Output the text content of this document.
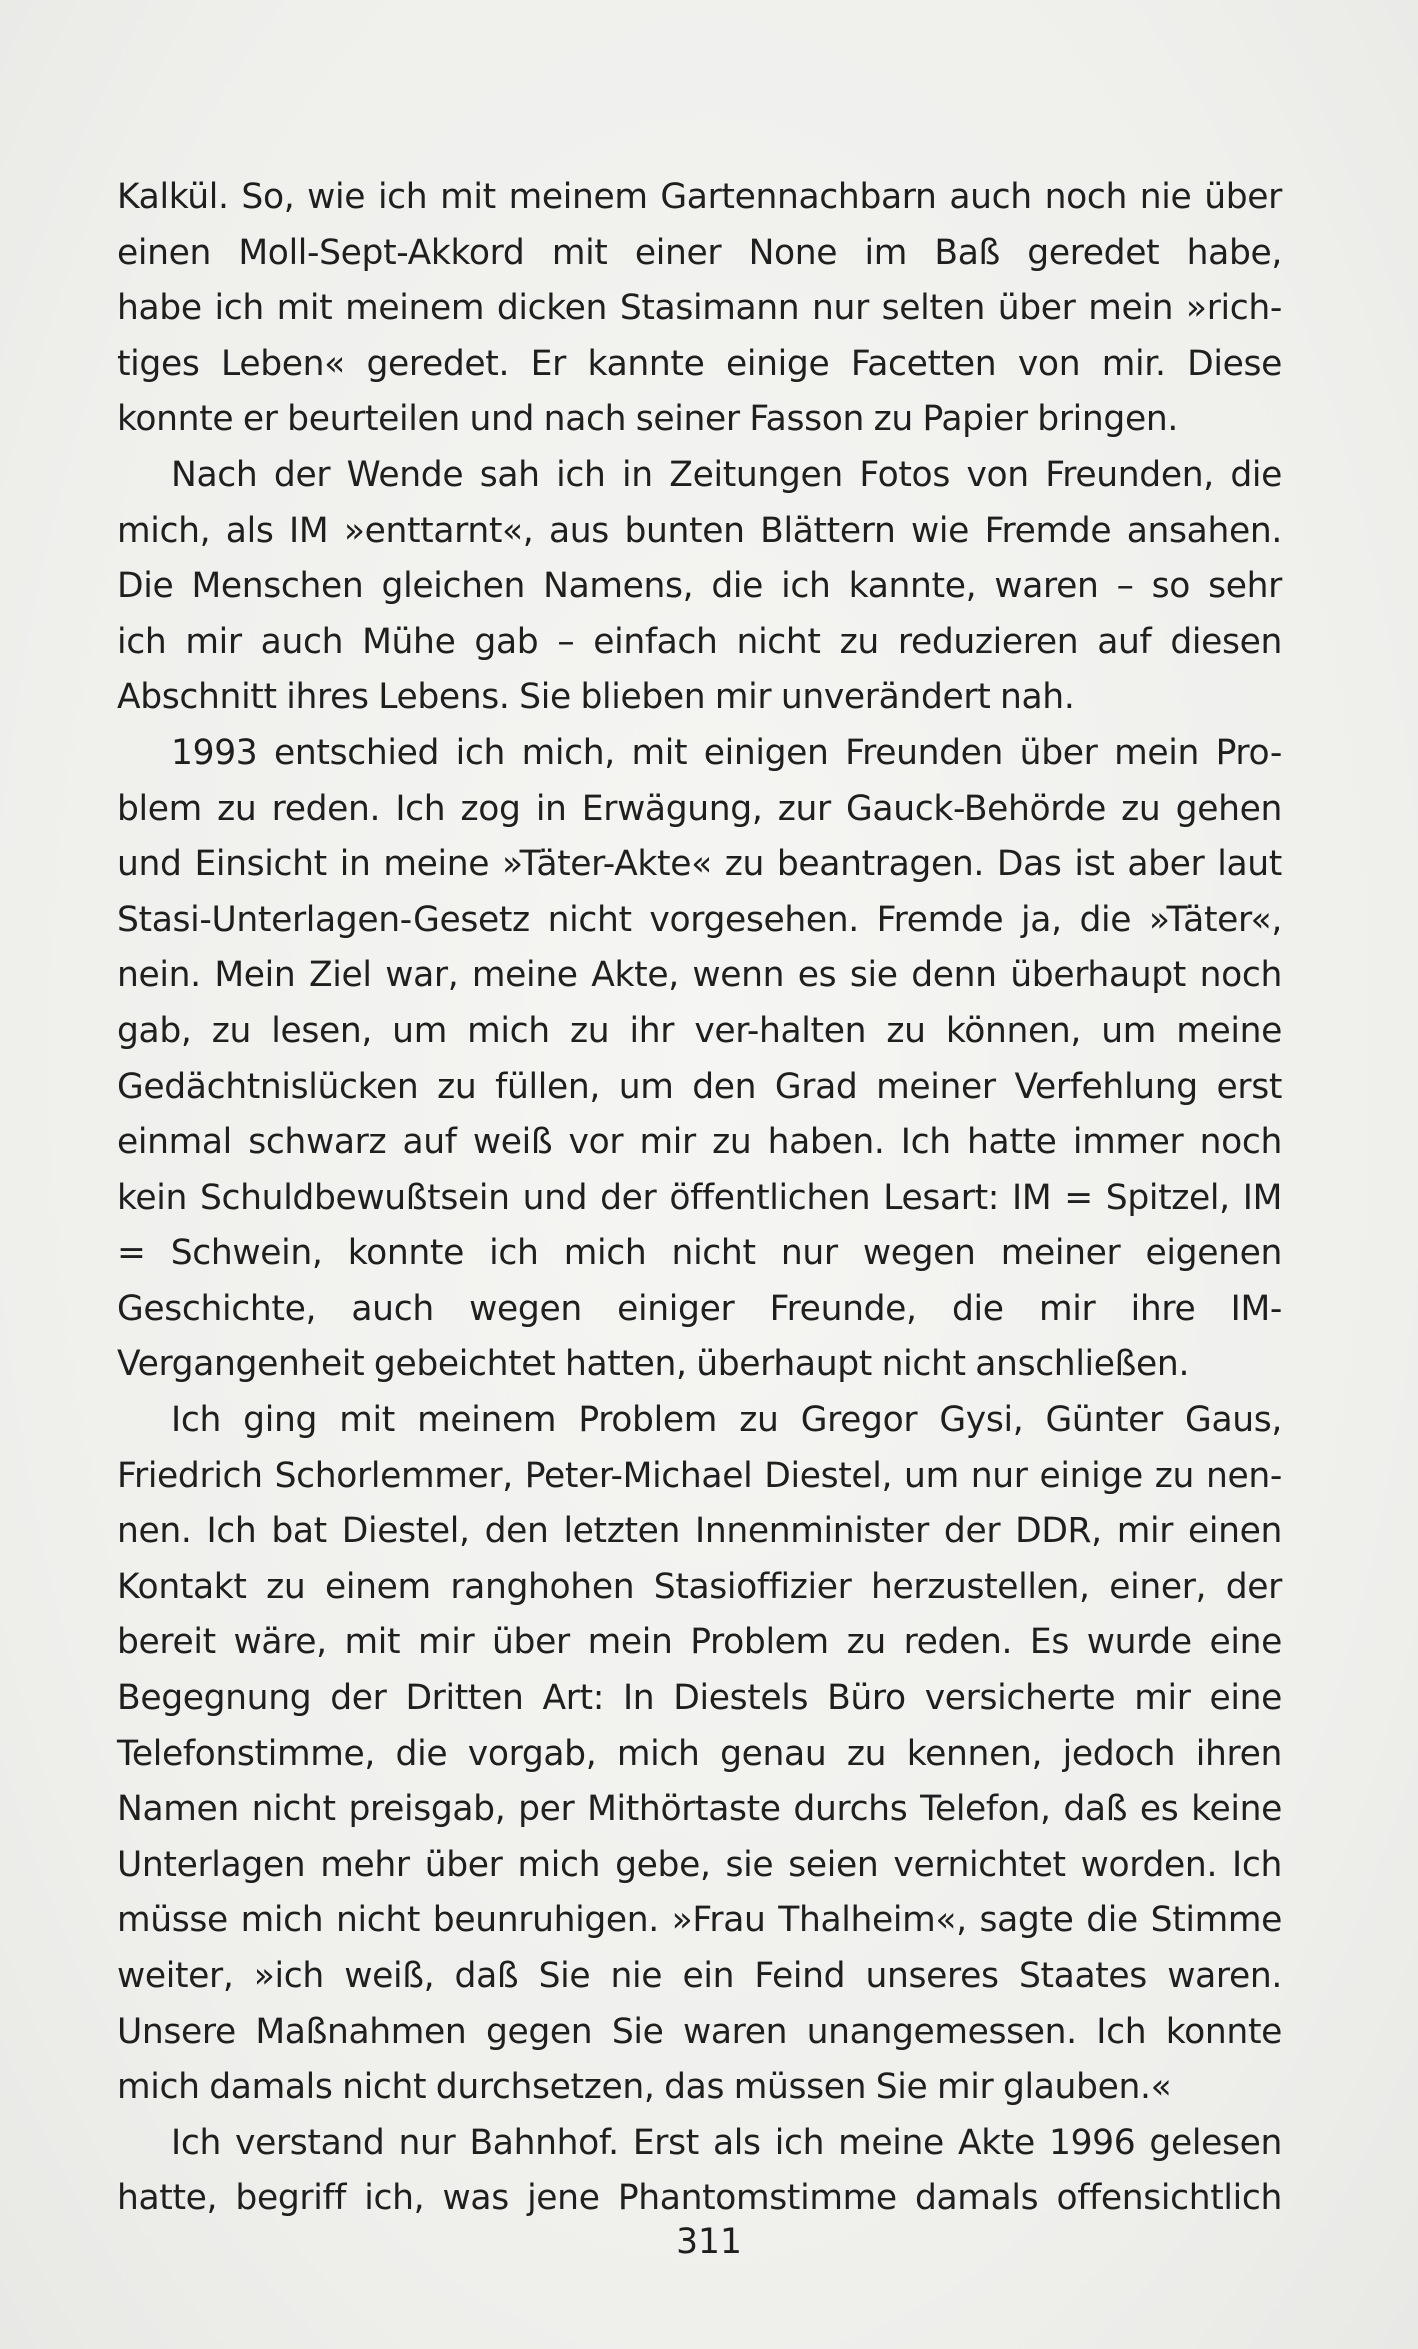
Kalkül. So, wie ich mit meinem Gartennachbarn auch noch nie über
einen Moll-Sept-Akkord mit einer None im Baß geredet habe,
habe ich mit meinem dicken Stasimann nur selten über mein »rich-
tiges Leben« geredet. Er kannte einige Facetten von mir. Diese
konnte er beurteilen und nach seiner Fasson zu Papier bringen.
Nach der Wende sah ich in Zeitungen Fotos von Freunden, die
mich, als IM »enttarnt«, aus bunten Blättern wie Fremde ansahen.
Die Menschen gleichen Namens, die ich kannte, waren – so sehr
ich mir auch Mühe gab – einfach nicht zu reduzieren auf diesen
Abschnitt ihres Lebens. Sie blieben mir unverändert nah.
1993 entschied ich mich, mit einigen Freunden über mein Pro-
blem zu reden. Ich zog in Erwägung, zur Gauck-Behörde zu gehen
und Einsicht in meine »Täter-Akte« zu beantragen. Das ist aber laut
Stasi-Unterlagen-Gesetz nicht vorgesehen. Fremde ja, die »Täter«,
nein. Mein Ziel war, meine Akte, wenn es sie denn überhaupt noch
gab, zu lesen, um mich zu ihr ver-halten zu können, um meine
Gedächtnislücken zu füllen, um den Grad meiner Verfehlung erst
einmal schwarz auf weiß vor mir zu haben. Ich hatte immer noch
kein Schuldbewußtsein und der öffentlichen Lesart: IM = Spitzel, IM
= Schwein, konnte ich mich nicht nur wegen meiner eigenen
Geschichte, auch wegen einiger Freunde, die mir ihre IM-
Vergangenheit gebeichtet hatten, überhaupt nicht anschließen.
Ich ging mit meinem Problem zu Gregor Gysi, Günter Gaus,
Friedrich Schorlemmer, Peter-Michael Diestel, um nur einige zu nen-
nen. Ich bat Diestel, den letzten Innenminister der DDR, mir einen
Kontakt zu einem ranghohen Stasioffizier herzustellen, einer, der
bereit wäre, mit mir über mein Problem zu reden. Es wurde eine
Begegnung der Dritten Art: In Diestels Büro versicherte mir eine
Telefonstimme, die vorgab, mich genau zu kennen, jedoch ihren
Namen nicht preisgab, per Mithörtaste durchs Telefon, daß es keine
Unterlagen mehr über mich gebe, sie seien vernichtet worden. Ich
müsse mich nicht beunruhigen. »Frau Thalheim«, sagte die Stimme
weiter, »ich weiß, daß Sie nie ein Feind unseres Staates waren.
Unsere Maßnahmen gegen Sie waren unangemessen. Ich konnte
mich damals nicht durchsetzen, das müssen Sie mir glauben.«
Ich verstand nur Bahnhof. Erst als ich meine Akte 1996 gelesen
hatte, begriff ich, was jene Phantomstimme damals offensichtlich
311
